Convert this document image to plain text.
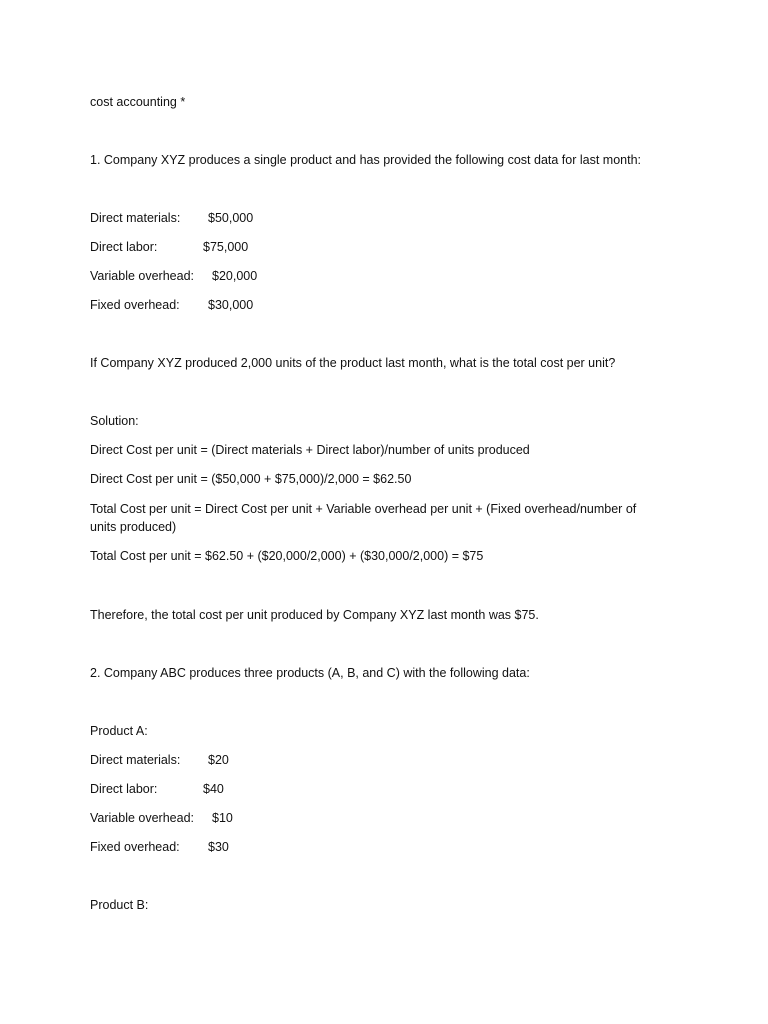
cost accounting *

1. Company XYZ produces a single product and has provided the following cost data for last month:

Direct materials: $50,000

Direct labor:	$75,000

Variable overhead: $20,000

Fixed overhead: $30,000

If Company XYZ produced 2,000 units of the product last month, what is the total cost per unit?

Solution:

Direct Cost per unit = (Direct materials + Direct labor)/number of units produced

Direct Cost per unit = ($50,000 + $75,000)/2,000 = $62.50

Total Cost per unit = Direct Cost per unit + Variable overhead per unit + (Fixed overhead/number of units produced)

Total Cost per unit = $62.50 + ($20,000/2,000) + ($30,000/2,000) = $75

Therefore, the total cost per unit produced by Company XYZ last month was $75.

2. Company ABC produces three products (A, B, and C) with the following data:

Product A:

Direct materials: $20

Direct labor:	$40

Variable overhead: $10

Fixed overhead: $30

Product B:
